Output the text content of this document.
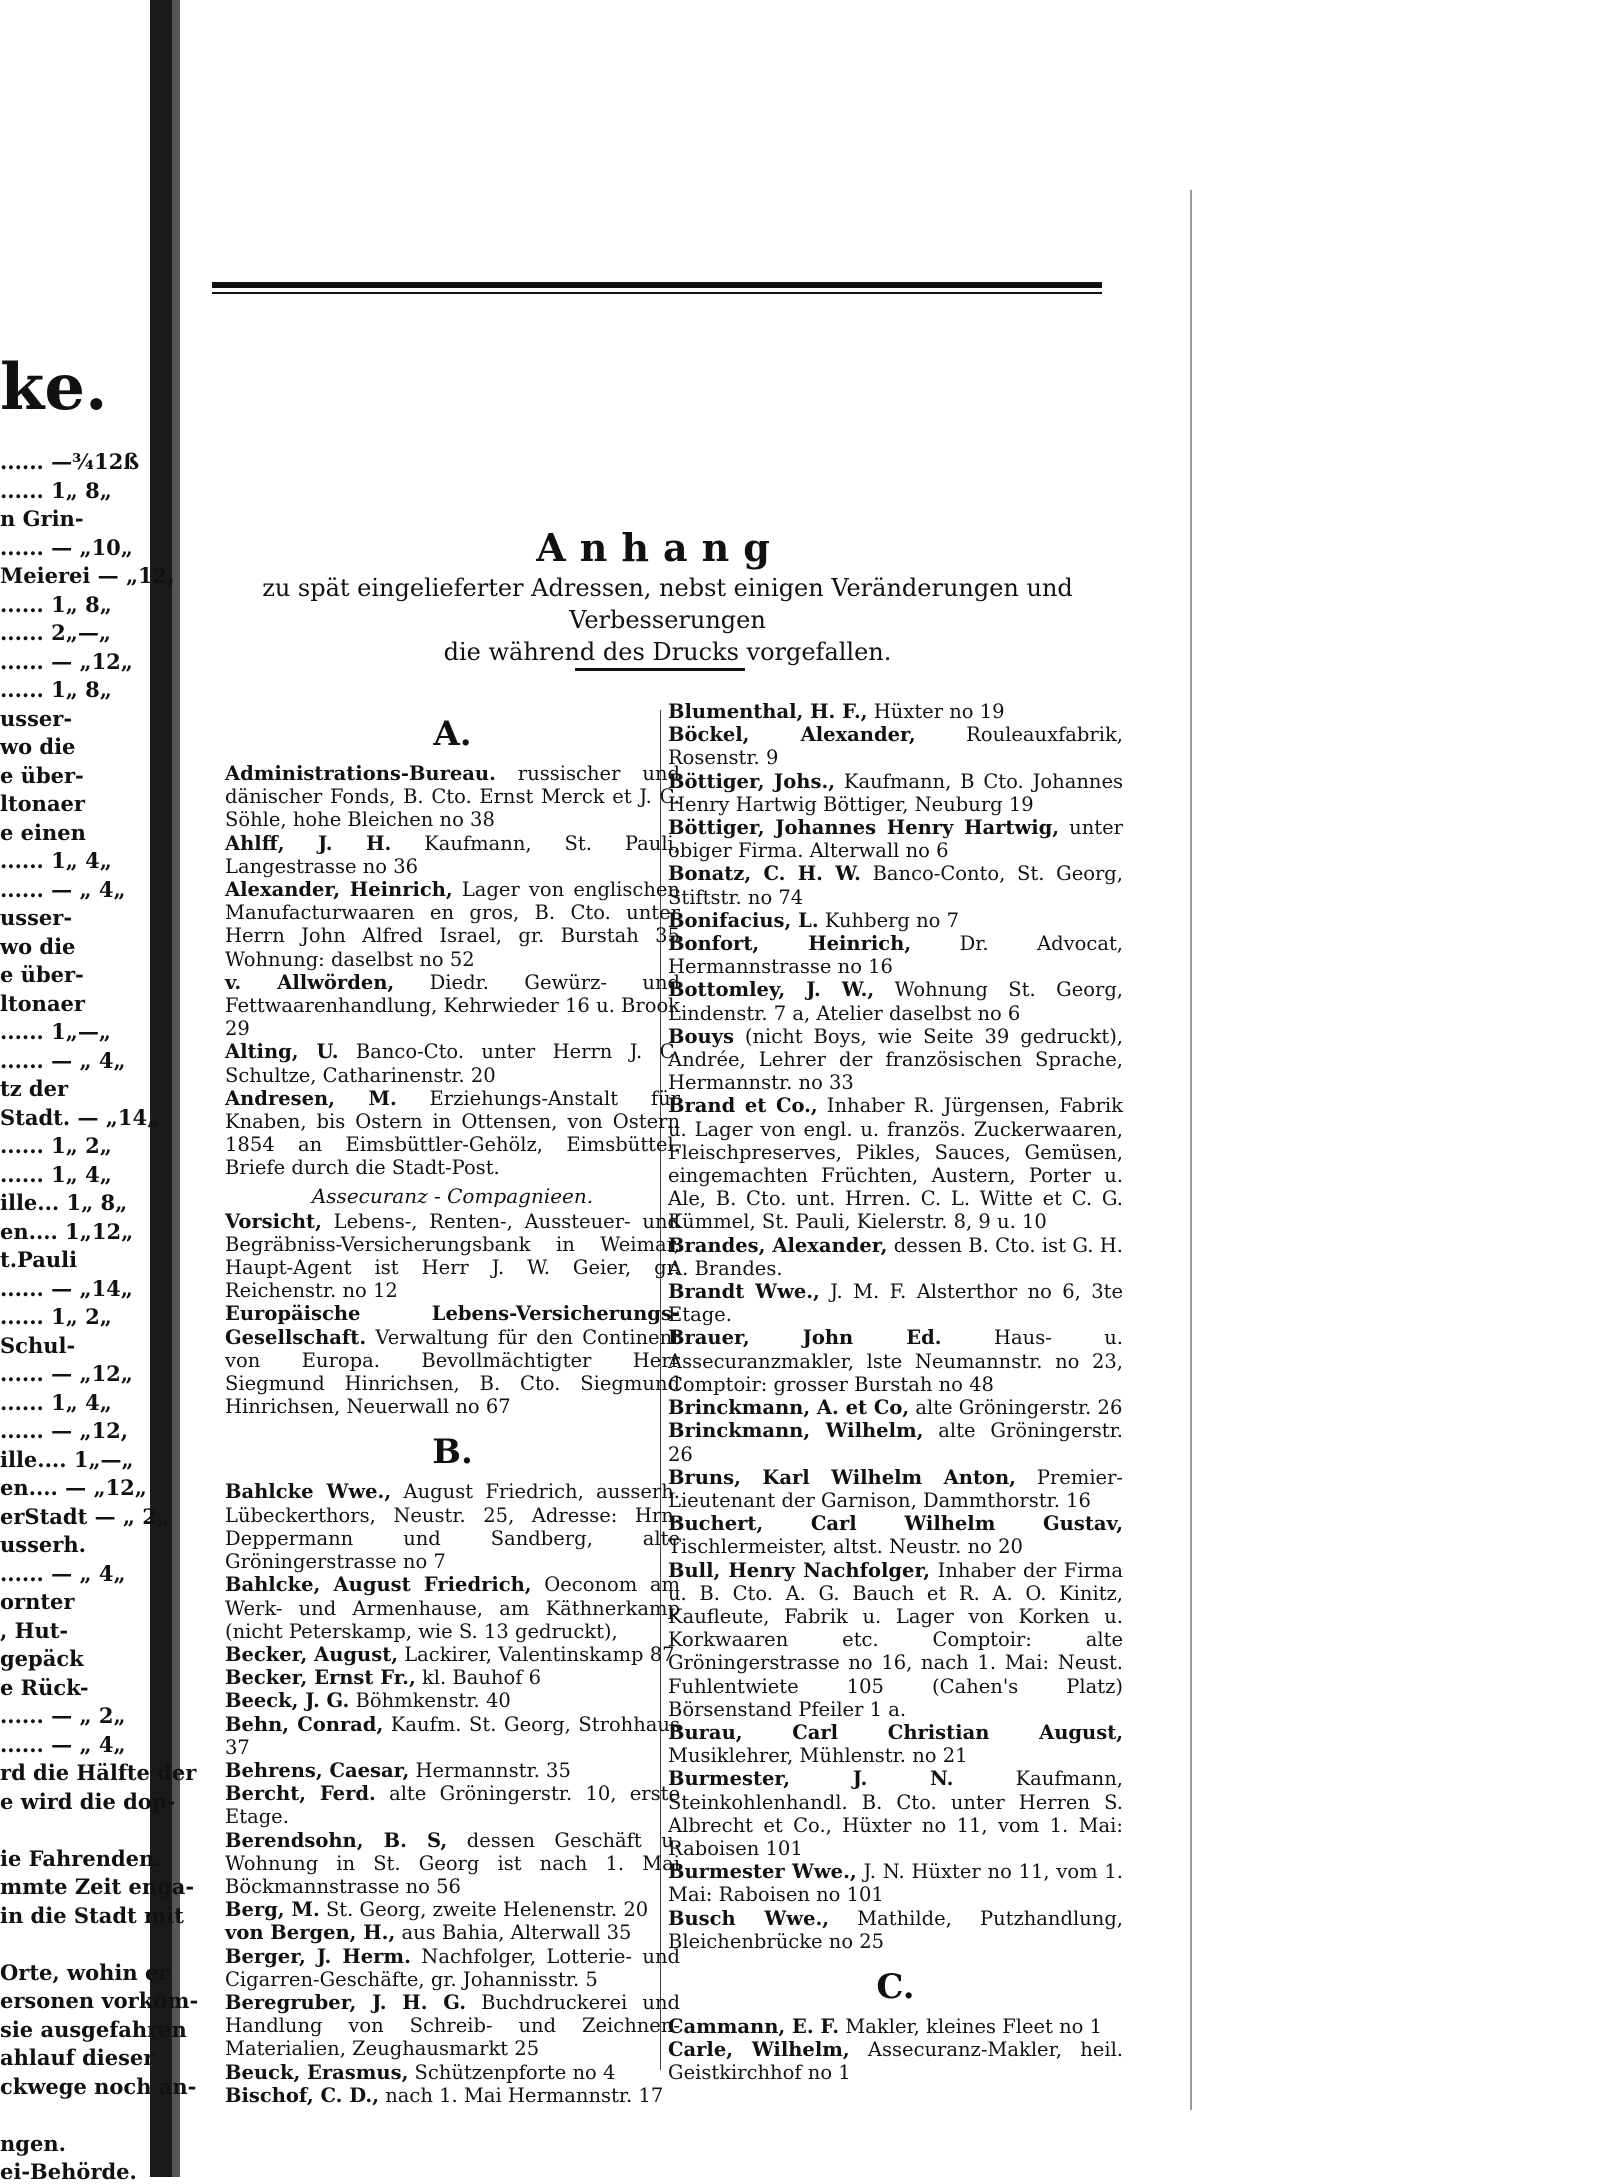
ke.
...... —¾12ß
...... 1„ 8„
n Grin-
...... — „10„
Meierei — „12,
...... 1„ 8„
...... 2„—„
...... — „12„
...... 1„ 8„
usser-
wo die
e über-
ltonaer
e einen
...... 1„ 4„
...... — „ 4„
usser-
wo die
e über-
ltonaer
...... 1„—„
...... — „ 4„
tz der
Stadt. — „14„
...... 1„ 2„
...... 1„ 4„
ille... 1„ 8„
en.... 1„12„
t.Pauli
...... — „14„
...... 1„ 2„
Schul-
...... — „12„
...... 1„ 4„
...... — „12,
ille.... 1„—„
en.... — „12„
erStadt — „ 2„
usserh.
...... — „ 4„
ornter
, Hut-
gepäck
e Rück-
...... — „ 2„
...... — „ 4„
rd die Hälfte der
e wird die dop-
ie Fahrenden.
mmte Zeit enga-
in die Stadt mit
Orte, wohin er
ersonen vorkom-
sie ausgefahren
ahlauf dieser
ckwege noch an-
ngen.
ei-Behörde.
Anhang
zu spät eingelieferter Adressen, nebst einigen Veränderungen und Verbesserungen
die während des Drucks vorgefallen.
A.
Administrations-Bureau. russischer und dänischer Fonds, B. Cto. Ernst Merck et J. C. Söhle, hohe Bleichen no 38
Ahlff, J. H. Kaufmann, St. Pauli, Langestrasse no 36
Alexander, Heinrich, Lager von englischen Manufacturwaaren en gros, B. Cto. unter Herrn John Alfred Israel, gr. Burstah 35 Wohnung: daselbst no 52
v. Allwörden, Diedr. Gewürz- und Fettwaarenhandlung, Kehrwieder 16 u. Brook 29
Alting, U. Banco-Cto. unter Herrn J. C. Schultze, Catharinenstr. 20
Andresen, M. Erziehungs-Anstalt für Knaben, bis Ostern in Ottensen, von Ostern 1854 an Eimsbüttler-Gehölz, Eimsbüttel. Briefe durch die Stadt-Post.
Assecuranz - Compagnieen.
Vorsicht, Lebens-, Renten-, Aussteuer- und Begräbniss-Versicherungsbank in Weimar, Haupt-Agent ist Herr J. W. Geier, gr. Reichenstr. no 12
Europäische Lebens-Versicherungs-Gesellschaft. Verwaltung für den Continent von Europa. Bevollmächtigter Herr Siegmund Hinrichsen, B. Cto. Siegmund Hinrichsen, Neuerwall no 67
B.
Bahlcke Wwe., August Friedrich, ausserh. Lübeckerthors, Neustr. 25, Adresse: Hrn. Deppermann und Sandberg, alte Gröningerstrasse no 7
Bahlcke, August Friedrich, Oeconom am Werk- und Armenhause, am Käthnerkamp (nicht Peterskamp, wie S. 13 gedruckt),
Becker, August, Lackirer, Valentinskamp 87
Becker, Ernst Fr., kl. Bauhof 6
Beeck, J. G. Böhmkenstr. 40
Behn, Conrad, Kaufm. St. Georg, Strohhaus 37
Behrens, Caesar, Hermannstr. 35
Bercht, Ferd. alte Gröningerstr. 10, erste Etage.
Berendsohn, B. S, dessen Geschäft u. Wohnung in St. Georg ist nach 1. Mai Böckmannstrasse no 56
Berg, M. St. Georg, zweite Helenenstr. 20
von Bergen, H., aus Bahia, Alterwall 35
Berger, J. Herm. Nachfolger, Lotterie- und Cigarren-Geschäfte, gr. Johannisstr. 5
Beregruber, J. H. G. Buchdruckerei und Handlung von Schreib- und Zeichnen-Materialien, Zeughausmarkt 25
Beuck, Erasmus, Schützenpforte no 4
Bischof, C. D., nach 1. Mai Hermannstr. 17
Blumenthal, H. F., Hüxter no 19
Böckel, Alexander, Rouleauxfabrik, Rosenstr. 9
Böttiger, Johs., Kaufmann, B Cto. Johannes Henry Hartwig Böttiger, Neuburg 19
Böttiger, Johannes Henry Hartwig, unter obiger Firma. Alterwall no 6
Bonatz, C. H. W. Banco-Conto, St. Georg, Stiftstr. no 74
Bonifacius, L. Kuhberg no 7
Bonfort, Heinrich, Dr. Advocat, Hermannstrasse no 16
Bottomley, J. W., Wohnung St. Georg, Lindenstr. 7 a, Atelier daselbst no 6
Bouys (nicht Boys, wie Seite 39 gedruckt), Andrée, Lehrer der französischen Sprache, Hermannstr. no 33
Brand et Co., Inhaber R. Jürgensen, Fabrik u. Lager von engl. u. französ. Zuckerwaaren, Fleischpreserves, Pikles, Sauces, Gemüsen, eingemachten Früchten, Austern, Porter u. Ale, B. Cto. unt. Hrren. C. L. Witte et C. G. Kümmel, St. Pauli, Kielerstr. 8, 9 u. 10
Brandes, Alexander, dessen B. Cto. ist G. H. A. Brandes.
Brandt Wwe., J. M. F. Alsterthor no 6, 3te Etage.
Brauer, John Ed. Haus- u. Assecuranzmakler, lste Neumannstr. no 23, Comptoir: grosser Burstah no 48
Brinckmann, A. et Co, alte Gröningerstr. 26
Brinckmann, Wilhelm, alte Gröningerstr. 26
Bruns, Karl Wilhelm Anton, Premier-Lieutenant der Garnison, Dammthorstr. 16
Buchert, Carl Wilhelm Gustav, Tischlermeister, altst. Neustr. no 20
Bull, Henry Nachfolger, Inhaber der Firma u. B. Cto. A. G. Bauch et R. A. O. Kinitz, Kaufleute, Fabrik u. Lager von Korken u. Korkwaaren etc. Comptoir: alte Gröningerstrasse no 16, nach 1. Mai: Neust. Fuhlentwiete 105 (Cahen's Platz) Börsenstand Pfeiler 1 a.
Burau, Carl Christian August, Musiklehrer, Mühlenstr. no 21
Burmester, J. N. Kaufmann, Steinkohlenhandl. B. Cto. unter Herren S. Albrecht et Co., Hüxter no 11, vom 1. Mai: Raboisen 101
Burmester Wwe., J. N. Hüxter no 11, vom 1. Mai: Raboisen no 101
Busch Wwe., Mathilde, Putzhandlung, Bleichenbrücke no 25
C.
Cammann, E. F. Makler, kleines Fleet no 1
Carle, Wilhelm, Assecuranz-Makler, heil. Geistkirchhof no 1
